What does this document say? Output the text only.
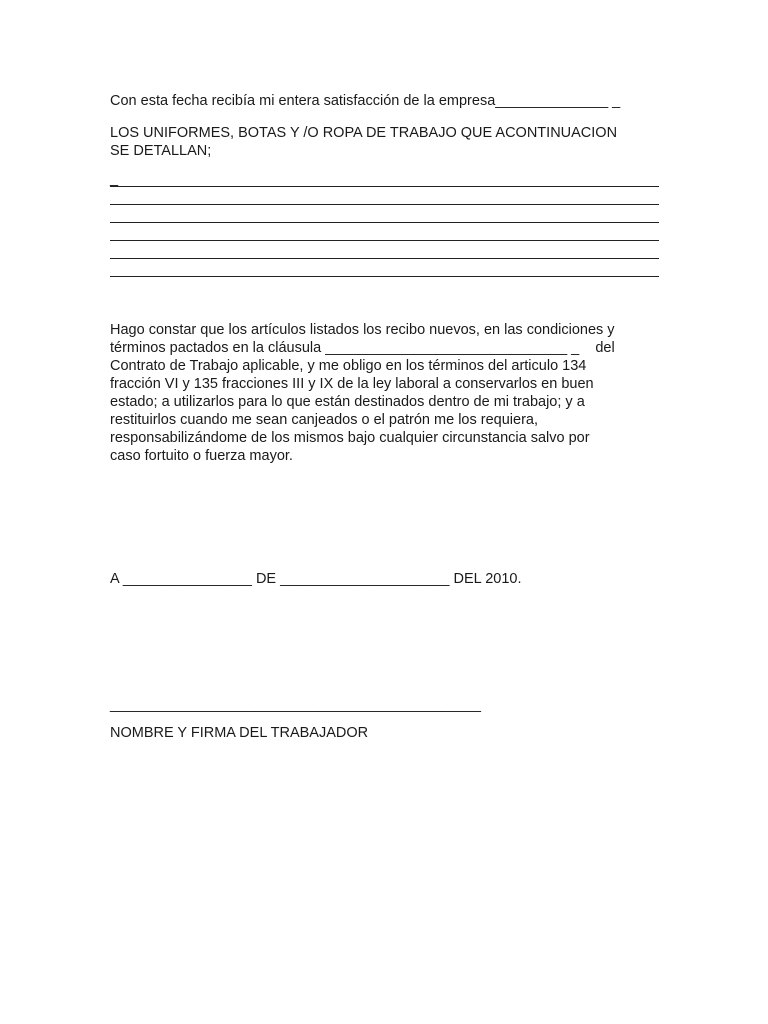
Con esta fecha recibía mi entera satisfacción de la empresa______________ _
LOS UNIFORMES, BOTAS Y /O ROPA DE TRABAJO QUE ACONTINUACION
SE DETALLAN;
_
Hago constar que los artículos listados los recibo nuevos, en las condiciones y
términos pactados en la cláusula ______________________________ _    del
Contrato de Trabajo aplicable, y me obligo en los términos del articulo 134
fracción VI y 135 fracciones III y IX de la ley laboral a conservarlos en buen
estado; a utilizarlos para lo que están destinados dentro de mi trabajo; y a
restituirlos cuando me sean canjeados o el patrón me los requiera,
responsabilizándome de los mismos bajo cualquier circunstancia salvo por
caso fortuito o fuerza mayor.
A ________________ DE _____________________ DEL 2010.
______________________________________________
NOMBRE Y FIRMA DEL TRABAJADOR
